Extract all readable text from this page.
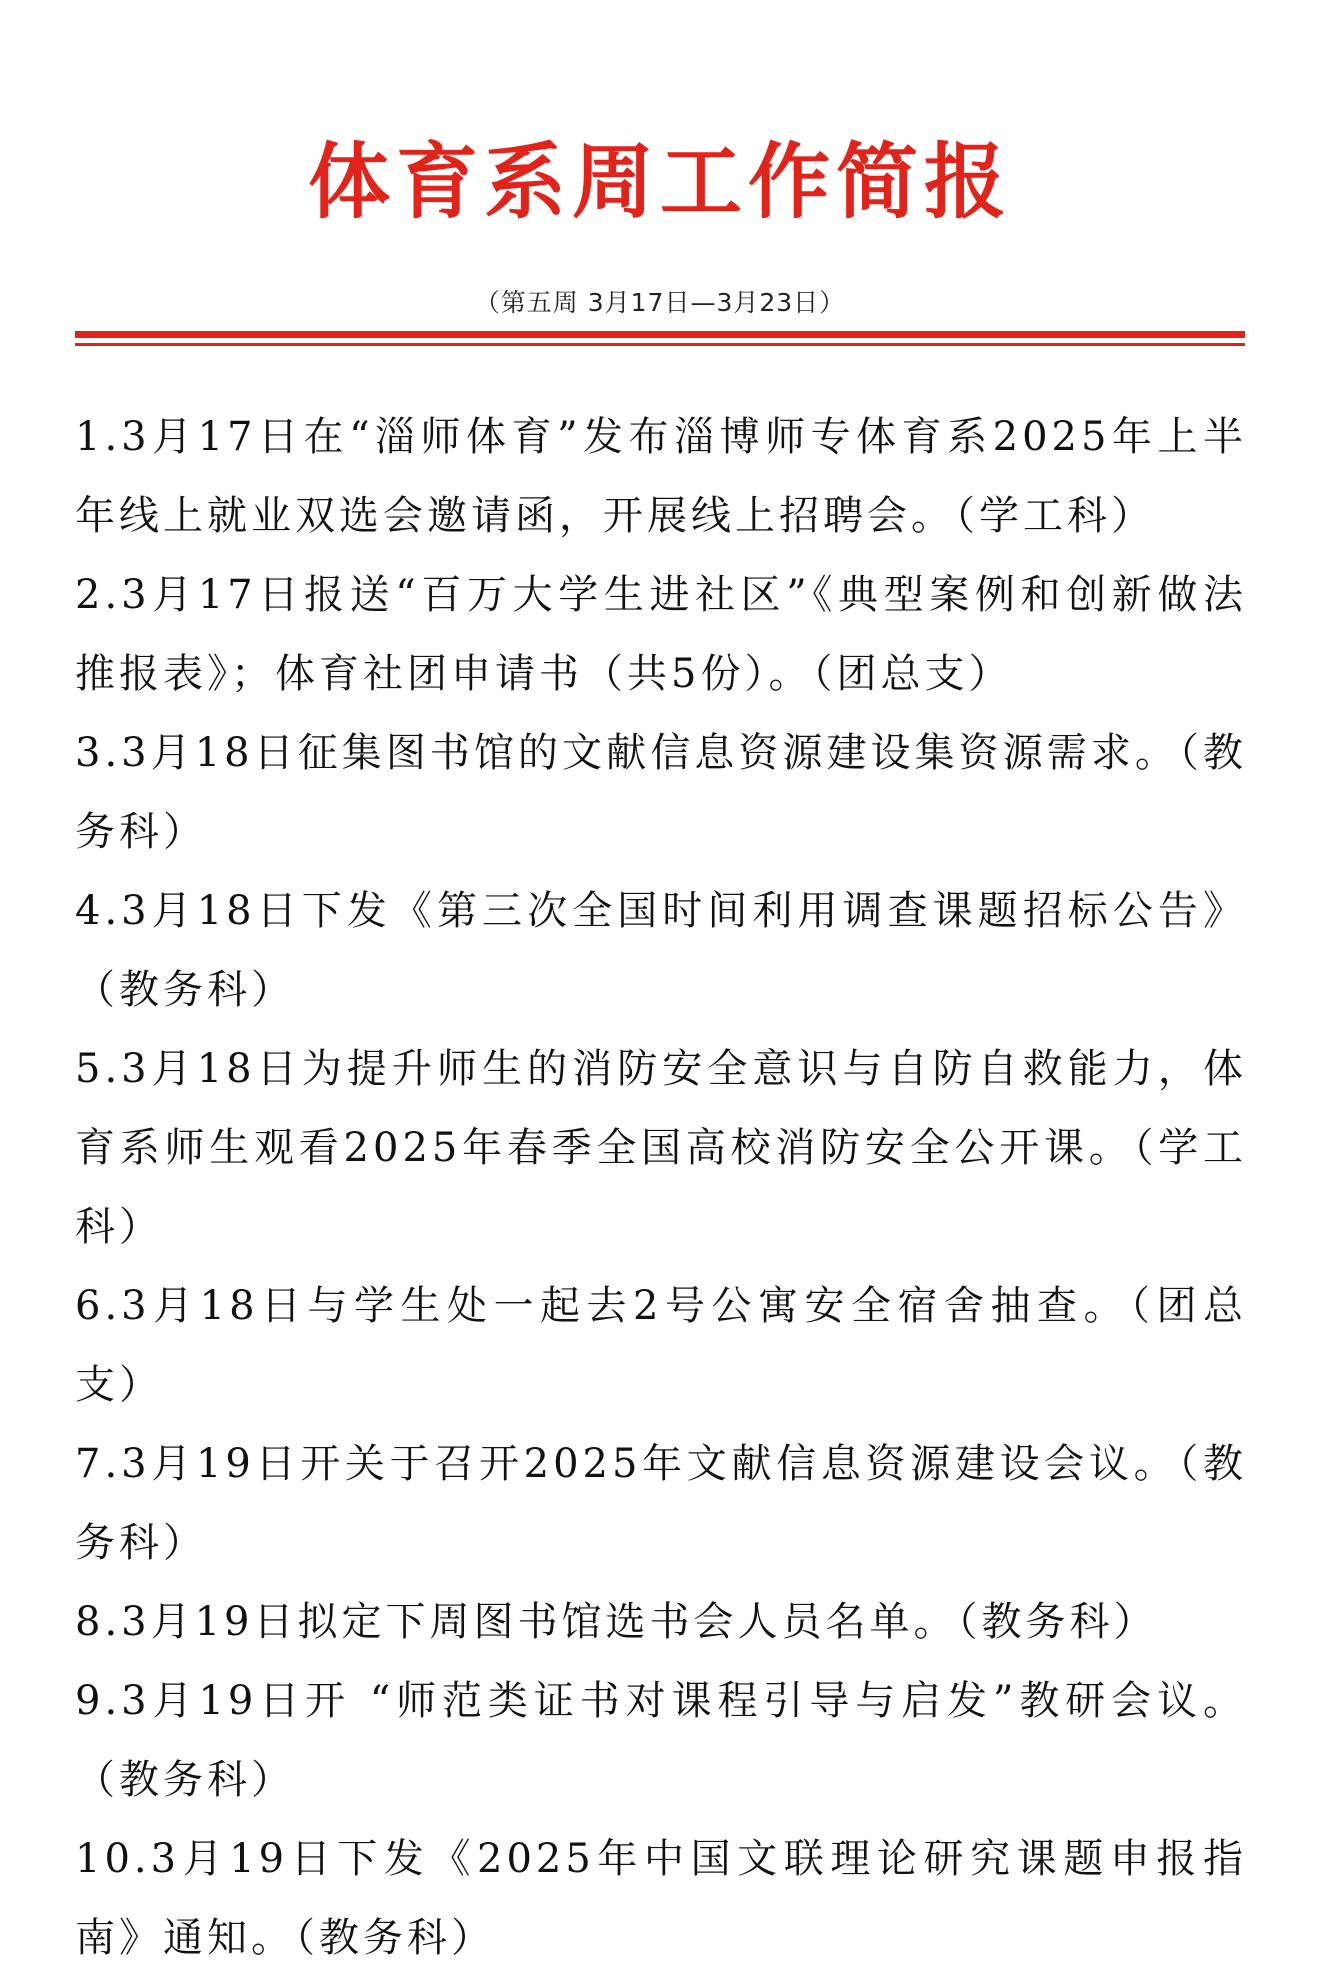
体育系周工作简报
（第五周 3月17日—3月23日）

1.3月17日在“淄师体育”发布淄博师专体育系2025年上半年线上就业双选会邀请函，开展线上招聘会。（学工科）

2.3月17日报送“百万大学生进社区”《典型案例和创新做法推报表》；体育社团申请书（共5份）。（团总支）

3.3月18日征集图书馆的文献信息资源建设集资源需求。（教务科）

4.3月18日下发《第三次全国时间利用调查课题招标公告》（教务科）

5.3月18日为提升师生的消防安全意识与自防自救能力，体育系师生观看2025年春季全国高校消防安全公开课。（学工科）

6.3月18日与学生处一起去2号公寓安全宿舍抽查。（团总支）

7.3月19日开关于召开2025年文献信息资源建设会议。（教务科）

8.3月19日拟定下周图书馆选书会人员名单。（教务科）

9.3月19日开 “师范类证书对课程引导与启发”教研会议。（教务科）

10.3月19日下发《2025年中国文联理论研究课题申报指南》通知。（教务科）
